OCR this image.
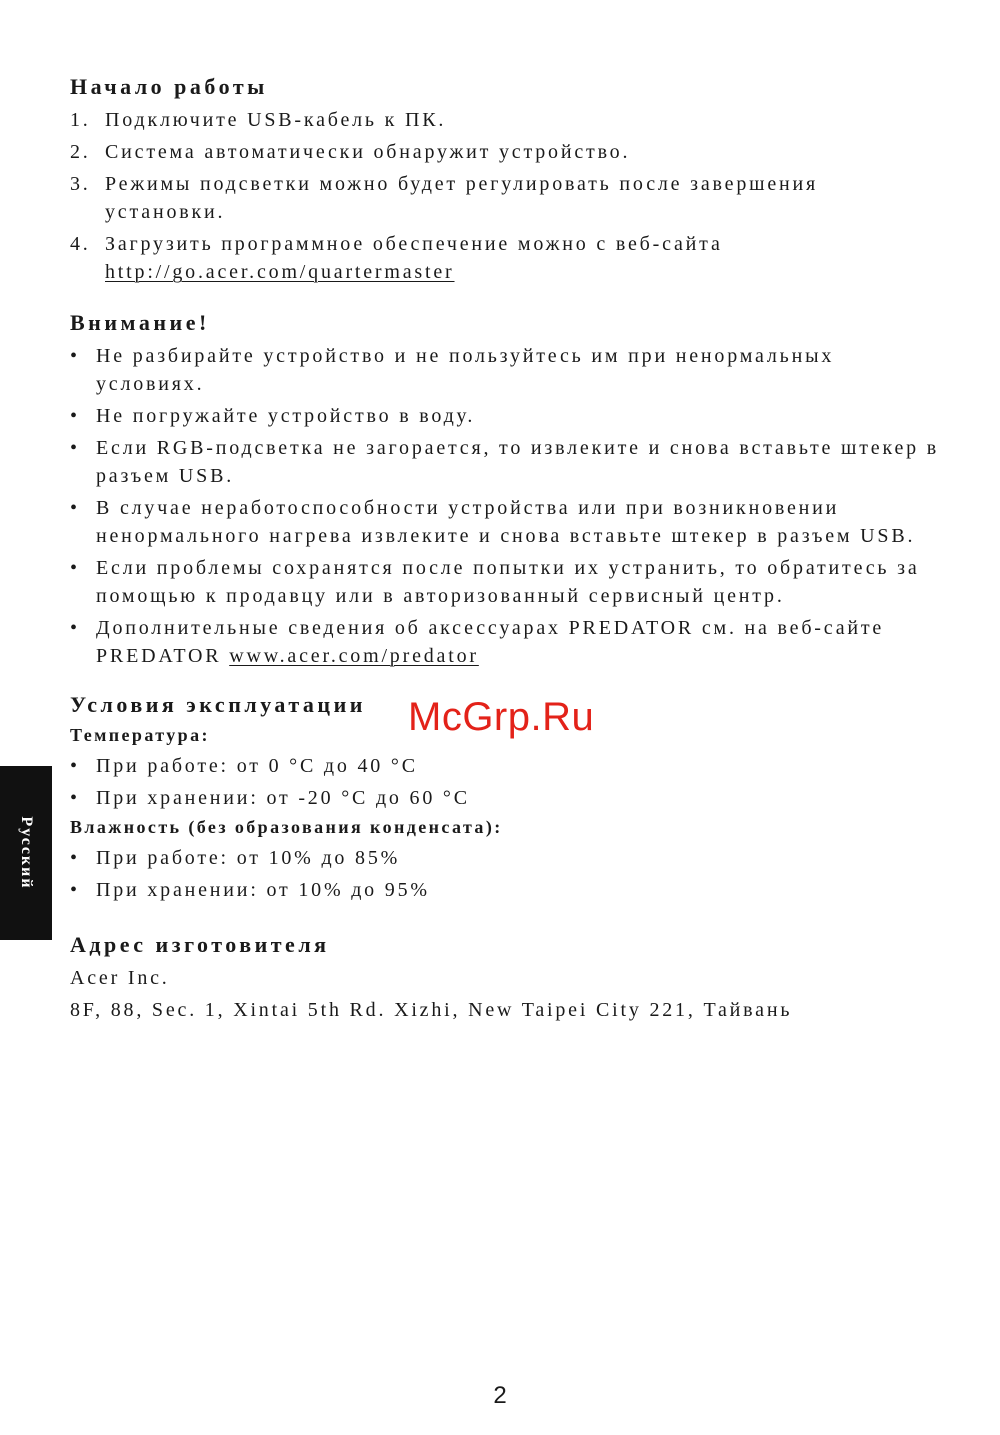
Начало работы
1. Подключите USB-кабель к ПК.
2. Система автоматически обнаружит устройство.
3. Режимы подсветки можно будет регулировать после завершения установки.
4. Загрузить программное обеспечение можно с веб-сайта
http://go.acer.com/quartermaster
Внимание!
• Не разбирайте устройство и не пользуйтесь им при ненормальных условиях.
• Не погружайте устройство в воду.
• Если RGB-подсветка не загорается, то извлеките и снова вставьте штекер в разъем USB.
• В случае неработоспособности устройства или при возникновении ненормального нагрева извлеките и снова вставьте штекер в разъем USB.
• Если проблемы сохранятся после попытки их устранить, то обратитесь за помощью к продавцу или в авторизованный сервисный центр.
• Дополнительные сведения об аксессуарах PREDATOR см. на веб-сайте PREDATOR www.acer.com/predator
Условия эксплуатации
Температура:
• При работе: от 0 °C до 40 °C
• При хранении: от -20 °C до 60 °C
Влажность (без образования конденсата):
• При работе: от 10% до 85%
• При хранении: от 10% до 95%
Адрес изготовителя

Acer Inc.

8F, 88, Sec. 1, Xintai 5th Rd. Xizhi, New Taipei City 221, Тайвань

Русский
McGrp.Ru
2
